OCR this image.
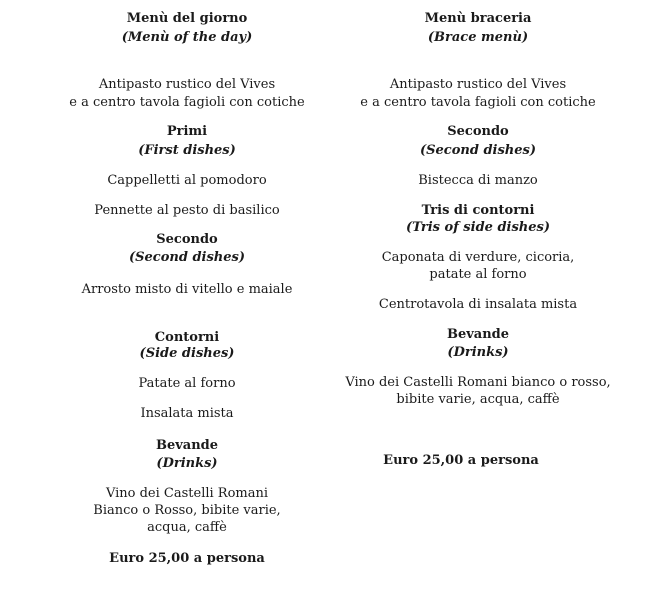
Menù del giorno
(Menù of the day)
Antipasto rustico del Vives
e a centro tavola fagioli con cotiche
Primi
(First dishes)
Cappelletti al pomodoro
Pennette al pesto di basilico
Secondo
(Second dishes)
Arrosto misto di vitello e maiale
Contorni
(Side dishes)
Patate al forno
Insalata mista
Bevande
(Drinks)
Vino dei Castelli Romani
Bianco o Rosso, bibite varie,
acqua, caffè
Euro 25,00 a persona
Menù braceria
(Brace menù)
Antipasto rustico del Vives
e a centro tavola fagioli con cotiche
Secondo
(Second dishes)
Bistecca di manzo
Tris di contorni
(Tris of side dishes)
Caponata di verdure, cicoria,
patate al forno
Centrotavola di insalata mista
Bevande
(Drinks)
Vino dei Castelli Romani bianco o rosso,
bibite varie, acqua, caffè
Euro 25,00 a persona
